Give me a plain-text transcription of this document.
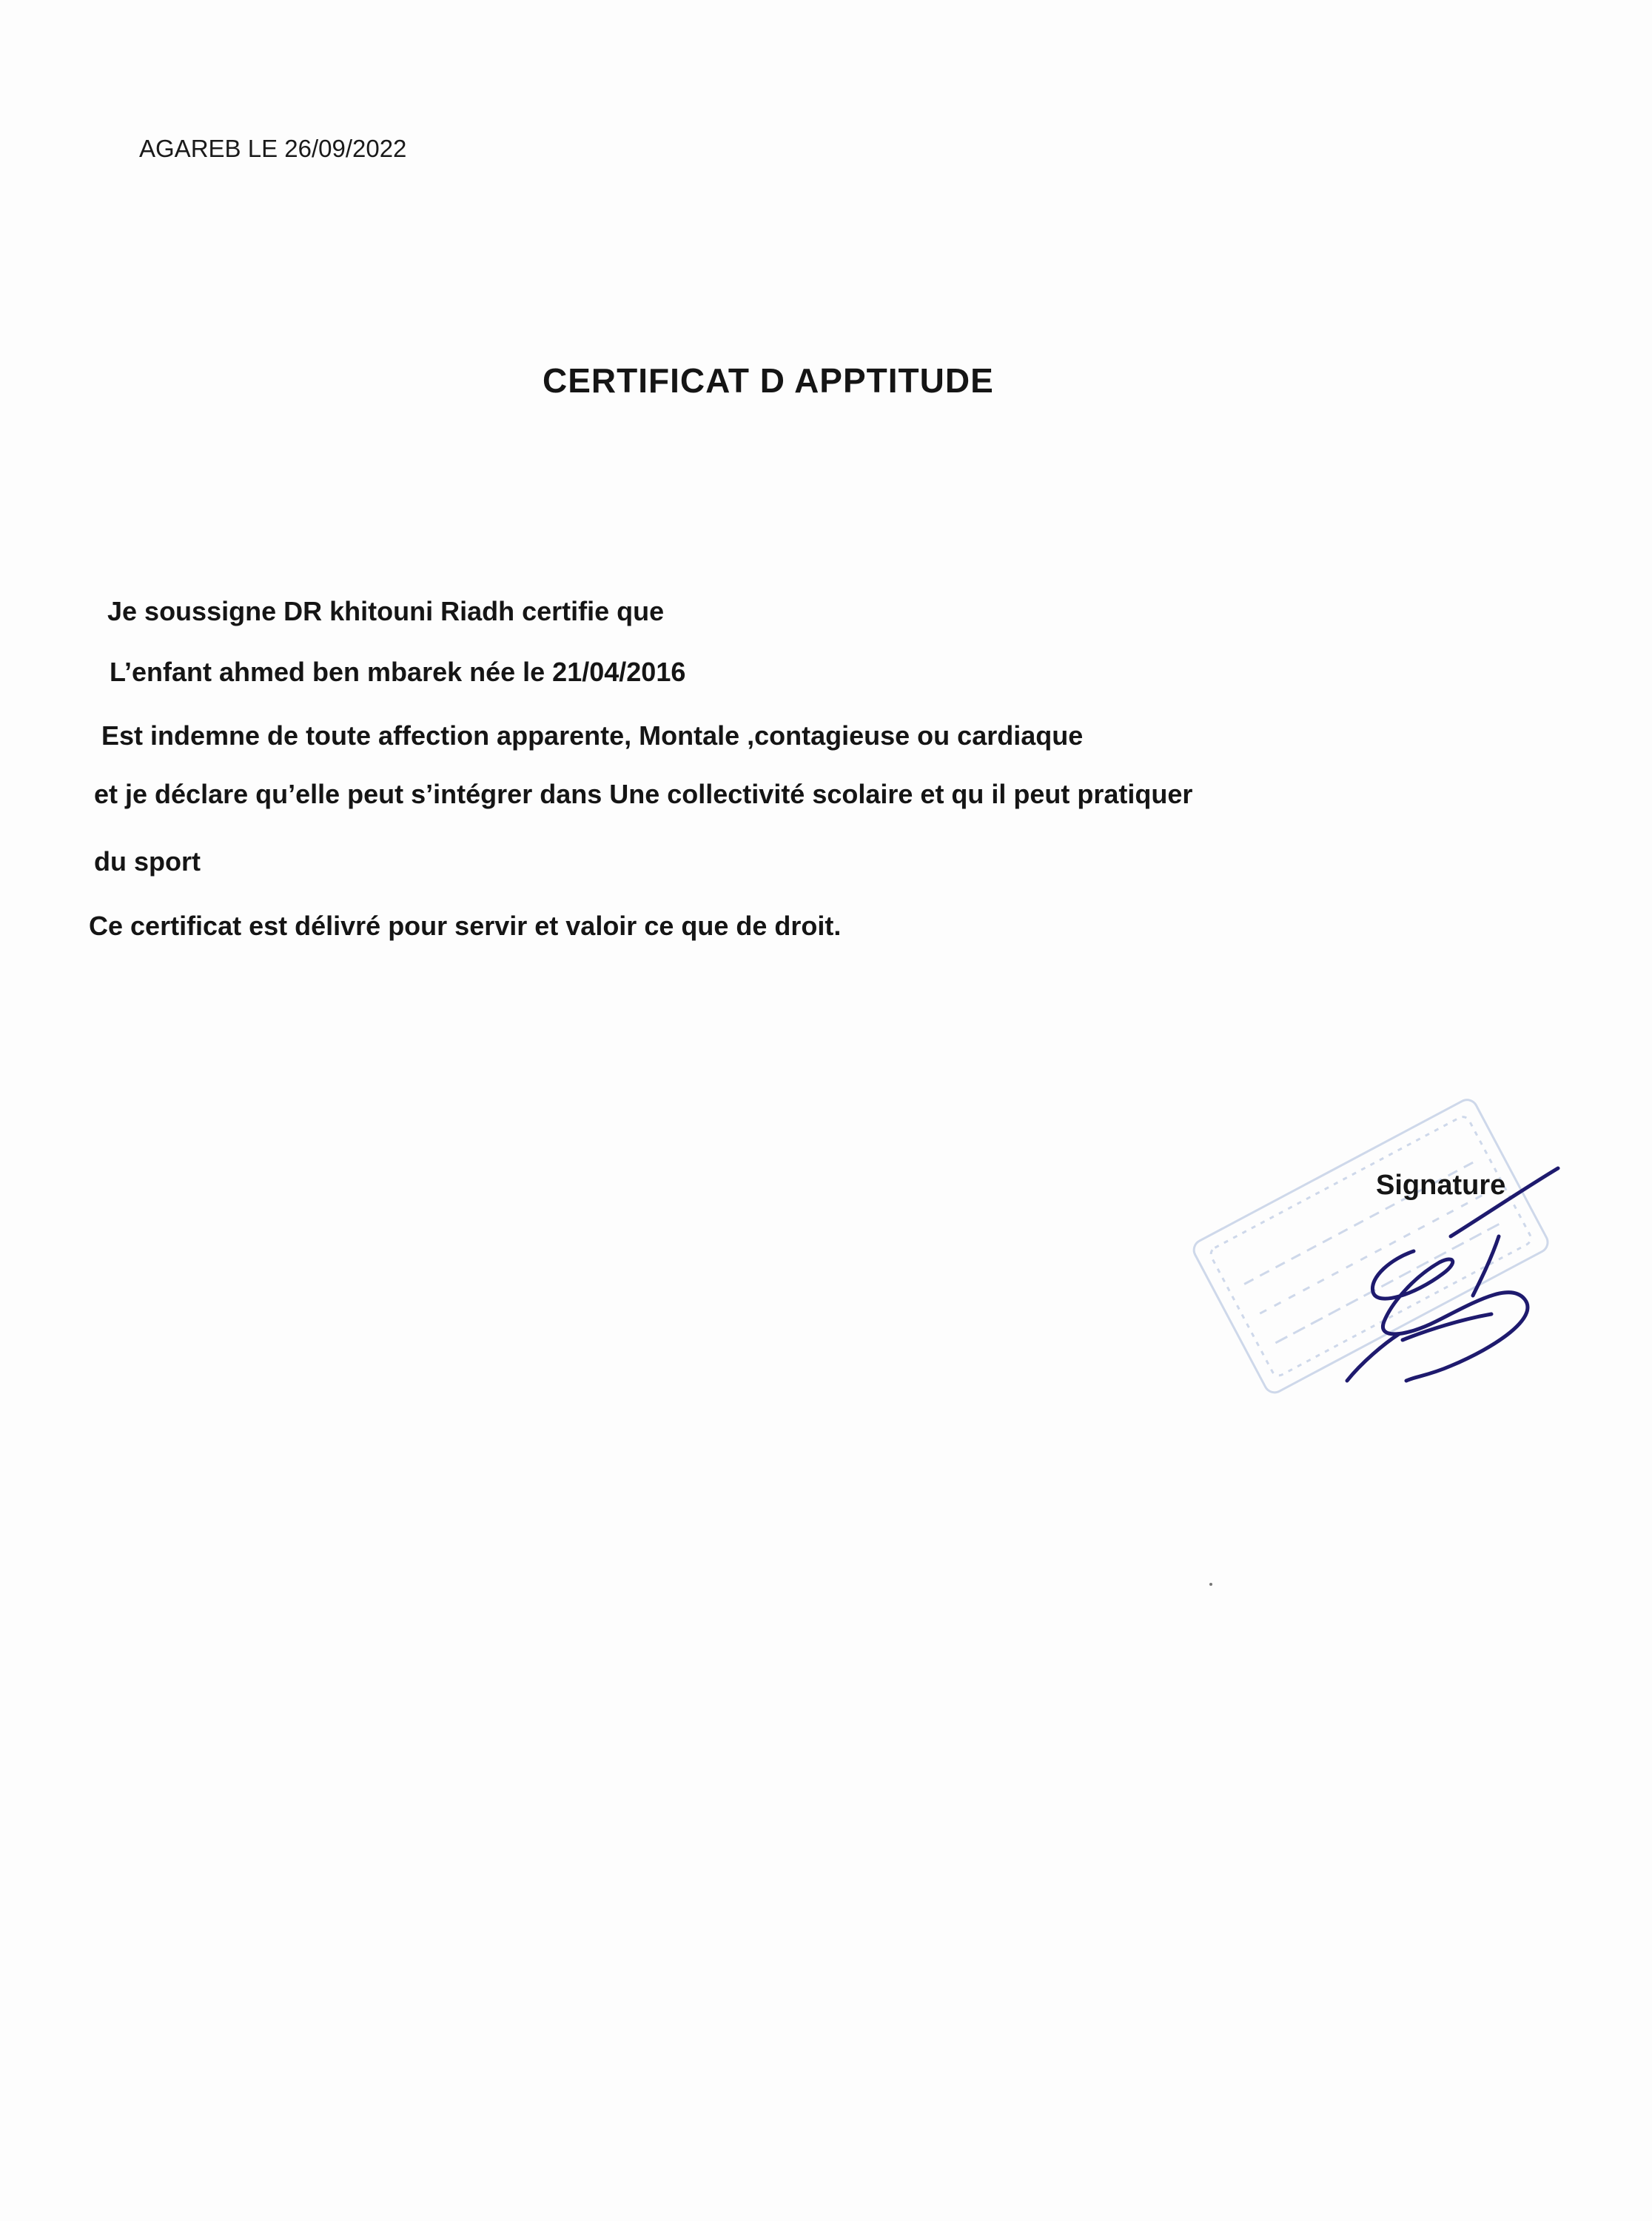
AGAREB LE 26/09/2022
CERTIFICAT D APPTITUDE
Je soussigne DR khitouni Riadh certifie que
L’enfant ahmed ben mbarek née le 21/04/2016
Est indemne de toute affection apparente, Montale ,contagieuse ou cardiaque
et je déclare qu’elle peut s’intégrer dans Une collectivité scolaire et qu il peut pratiquer
du sport
Ce certificat est délivré pour servir et valoir ce que de droit.
Signature
